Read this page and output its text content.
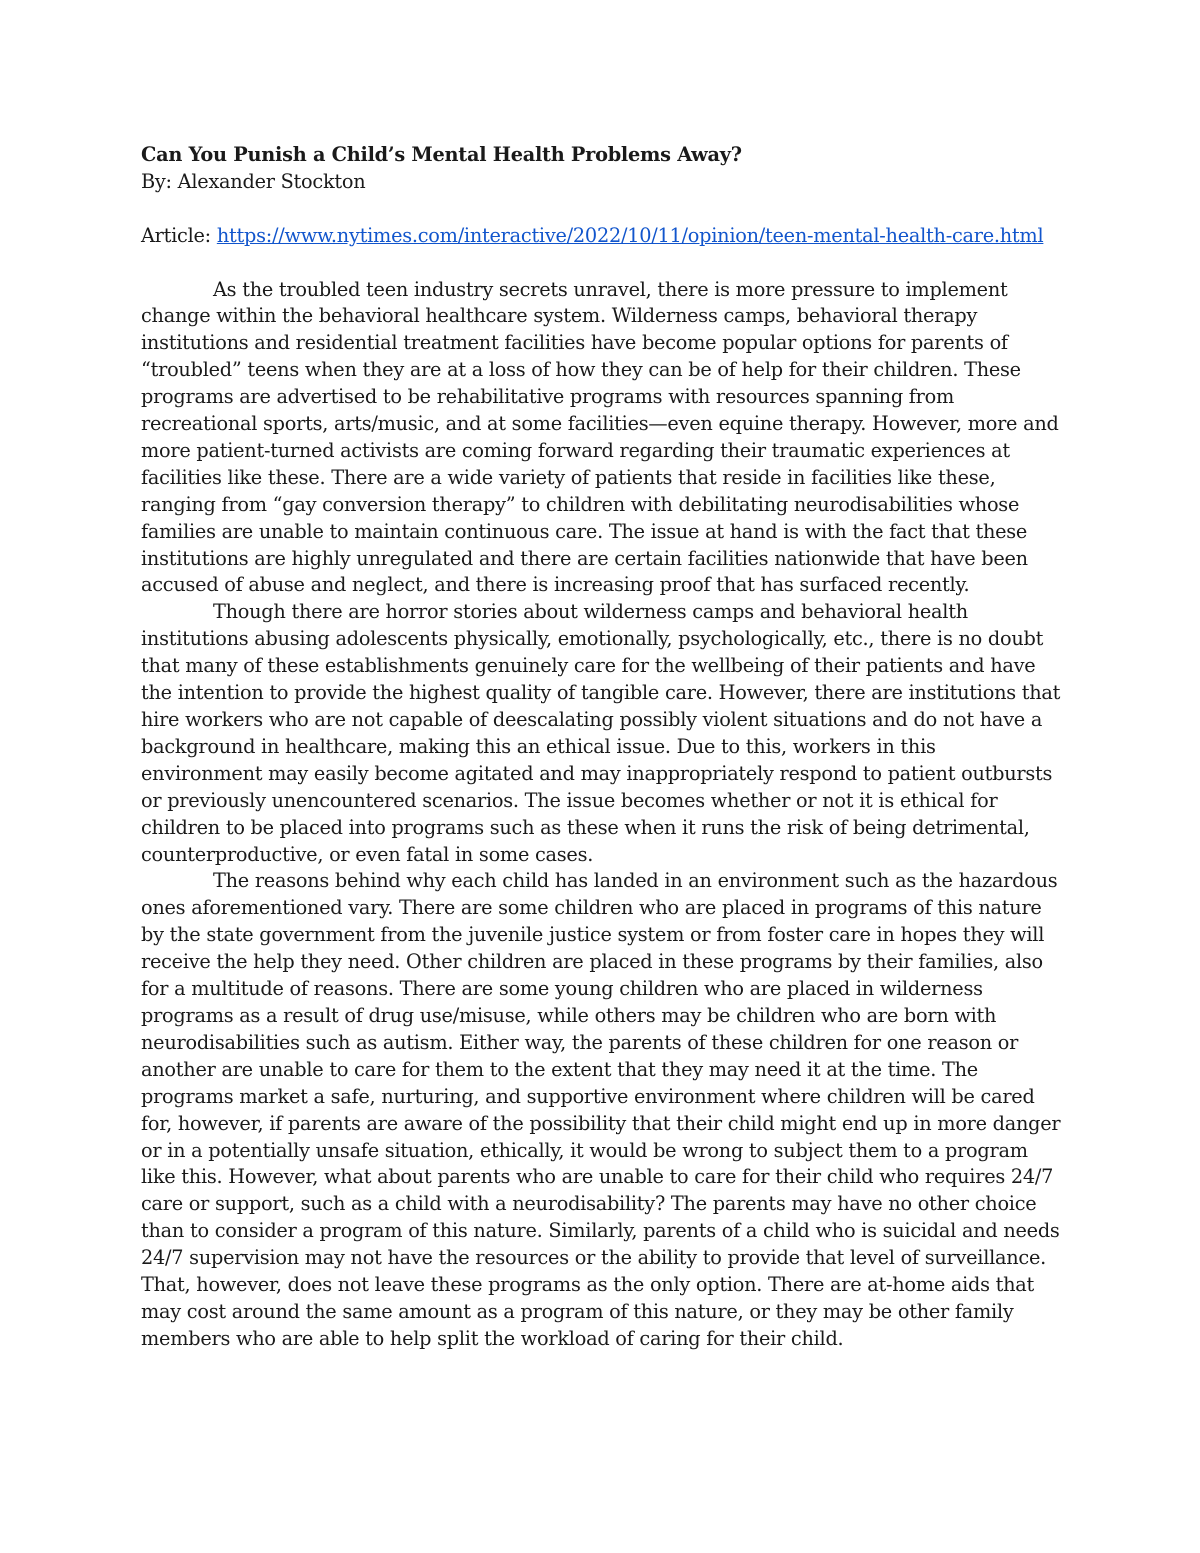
Can You Punish a Child’s Mental Health Problems Away?

By: Alexander Stockton

Article: https://www.nytimes.com/interactive/2022/10/11/opinion/teen-mental-health-care.html

As the troubled teen industry secrets unravel, there is more pressure to implement change within the behavioral healthcare system. Wilderness camps, behavioral therapy institutions and residential treatment facilities have become popular options for parents of “troubled” teens when they are at a loss of how they can be of help for their children. These programs are advertised to be rehabilitative programs with resources spanning from recreational sports, arts/music, and at some facilities—even equine therapy. However, more and more patient-turned activists are coming forward regarding their traumatic experiences at facilities like these. There are a wide variety of patients that reside in facilities like these, ranging from “gay conversion therapy” to children with debilitating neurodisabilities whose families are unable to maintain continuous care. The issue at hand is with the fact that these institutions are highly unregulated and there are certain facilities nationwide that have been accused of abuse and neglect, and there is increasing proof that has surfaced recently.

Though there are horror stories about wilderness camps and behavioral health institutions abusing adolescents physically, emotionally, psychologically, etc., there is no doubt that many of these establishments genuinely care for the wellbeing of their patients and have the intention to provide the highest quality of tangible care. However, there are institutions that hire workers who are not capable of deescalating possibly violent situations and do not have a background in healthcare, making this an ethical issue. Due to this, workers in this environment may easily become agitated and may inappropriately respond to patient outbursts or previously unencountered scenarios. The issue becomes whether or not it is ethical for children to be placed into programs such as these when it runs the risk of being detrimental, counterproductive, or even fatal in some cases.

The reasons behind why each child has landed in an environment such as the hazardous ones aforementioned vary. There are some children who are placed in programs of this nature by the state government from the juvenile justice system or from foster care in hopes they will receive the help they need. Other children are placed in these programs by their families, also for a multitude of reasons. There are some young children who are placed in wilderness programs as a result of drug use/misuse, while others may be children who are born with neurodisabilities such as autism. Either way, the parents of these children for one reason or another are unable to care for them to the extent that they may need it at the time. The programs market a safe, nurturing, and supportive environment where children will be cared for, however, if parents are aware of the possibility that their child might end up in more danger or in a potentially unsafe situation, ethically, it would be wrong to subject them to a program like this. However, what about parents who are unable to care for their child who requires 24/7 care or support, such as a child with a neurodisability? The parents may have no other choice than to consider a program of this nature. Similarly, parents of a child who is suicidal and needs 24/7 supervision may not have the resources or the ability to provide that level of surveillance. That, however, does not leave these programs as the only option. There are at-home aids that may cost around the same amount as a program of this nature, or they may be other family members who are able to help split the workload of caring for their child.
